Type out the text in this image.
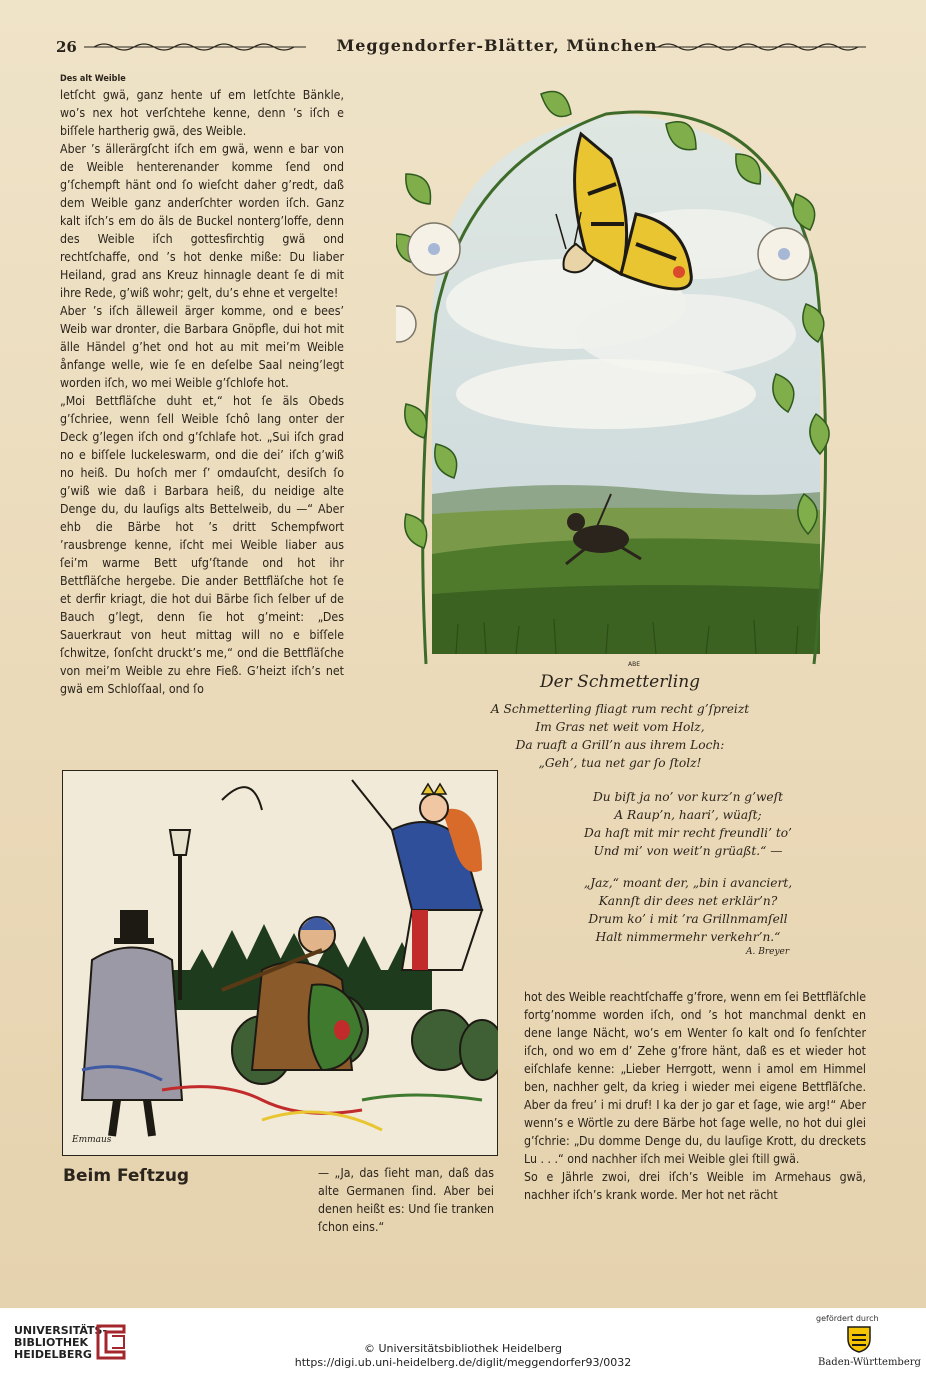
26	Meggendorfer-Blätter, München
Des alt Weible

letſcht gwä, ganz hente uf em letſchte Bänkle, wo’s nex hot verſchtehe kenne, denn ’s iſch e biſſele hartherig gwä, des Weible.

Aber ’s ällerärgſcht iſch em gwä, wenn e bar von de Weible henterenander komme ſend ond g’ſchempft hänt ond ſo wieſcht daher g’redt, daß dem Weible ganz anderſchter worden iſch. Ganz kalt iſch’s em do äls de Buckel nonterg’loffe, denn des Weible iſch gottesfirchtig gwä ond rechtſchaffe, ond ’s hot denke miße: Du liaber Heiland, grad ans Kreuz hinnagle deant ſe di mit ihre Rede, g’wiß wohr; gelt, du’s ehne et vergelte!

Aber ’s iſch älleweil ärger komme, ond e bees’ Weib war dronter, die Barbara Gnöpfle, dui hot mit älle Händel g’het ond hot au mit mei’m Weible ånfange welle, wie ſe en deſelbe Saal neing’legt worden iſch, wo mei Weible g’ſchlofe hot.

„Moi Bettfläſche duht et,“ hot ſe äls Obeds g’ſchriee, wenn ſell Weible ſchô lang onter der Deck g’legen iſch ond g’ſchlafe hot. „Sui iſch grad no e biſſele luckeleswarm, ond die dei’ iſch g’wiß no heiß. Du hoſch mer ſ’ omdauſcht, desiſch ſo g’wiß wie daß i Barbara heiß, du neidige alte Denge du, du lauſigs alts Bettelweib, du —“ Aber ehb die Bärbe hot ’s dritt Schempfwort ’rausbrenge kenne, iſcht mei Weible liaber aus ſei’m warme Bett ufg’ſtande ond hot ihr Bettfläſche hergebe. Die ander Bettfläſche hot ſe et derfir kriagt, die hot dui Bärbe ſich ſelber uf de Bauch g’legt, denn ſie hot g’meint: „Des Sauerkraut von heut mittag will no e biſſele ſchwitze, ſonſcht druckt’s me,“ ond die Bettfläſche von mei’m Weible zu ehre Fieß. G’heizt iſch’s net gwä em Schloſſaal, ond ſo

ABE
Der Schmetterling
A Schmetterling fliagt rum recht g’ſpreizt
Im Gras net weit vom Holz,
Da ruaft a Grill’n aus ihrem Loch:
„Geh’, tua net gar ſo ſtolz!
Du biſt ja no’ vor kurz’n g’weſt
A Raup’n, haari’, wüaſt;
Da haſt mit mir recht freundli’ to’
Und mi’ von weit’n grüaßt.“ —
„Jaz,“ moant der, „bin i avanciert,
Kannſt dir dees net erklär’n?
Drum ko’ i mit ’ra Grillnmamſell
Halt nimmermehr verkehr’n.“
A. Breyer
Emmaus
Beim Feſtzug	— „Ja, das ſieht man, daß das alte Germanen ſind. Aber bei denen heißt es: Und ſie tranken ſchon eins.“

hot des Weible reachtſchaffe g’frore, wenn em ſei Bettfläſchle fortg’nomme worden iſch, ond ’s hot manchmal denkt en dene lange Nächt, wo’s em Wenter ſo kalt ond ſo fenſchter iſch, ond wo em d’ Zehe g’frore hänt, daß es et wieder hot eiſchlafe kenne: „Lieber Herrgott, wenn i amol em Himmel ben, nachher gelt, da krieg i wieder mei eigene Bettfläſche. Aber da freu’ i mi druf! I ka der jo gar et ſage, wie arg!“ Aber wenn’s e Wörtle zu dere Bärbe hot ſage welle, no hot dui glei g’ſchrie: „Du domme Denge du, du lauſige Krott, du dreckets Lu . . .“ ond nachher iſch mei Weible glei ſtill gwä.

So e Jährle zwoi, drei iſch’s Weible im Armehaus gwä, nachher iſch’s krank worde. Mer hot net rächt

UNIVERSITÄTS-
BIBLIOTHEK
HEIDELBERG
gefördert durch
Baden-Württemberg
© Universitätsbibliothek Heidelberg
https://digi.ub.uni-heidelberg.de/diglit/meggendorfer93/0032
